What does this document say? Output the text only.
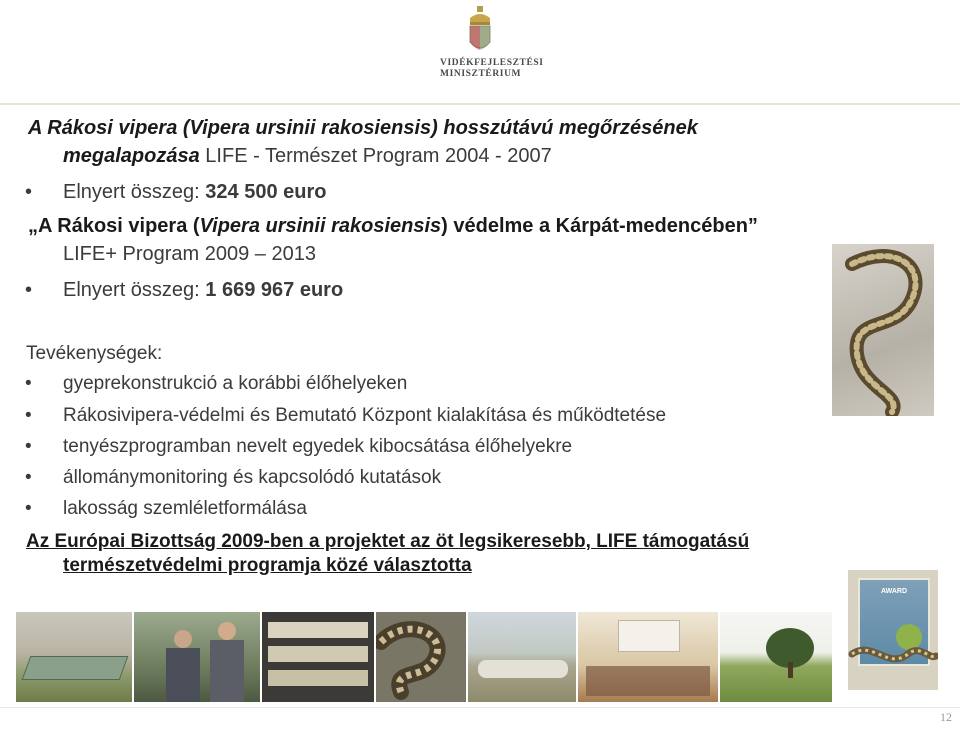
VIDÉKFEJLESZTÉSI
MINISZTÉRIUM
A Rákosi vipera (Vipera ursinii rakosiensis) hosszútávú megőrzésének
megalapozása LIFE - Természet Program 2004 - 2007
• Elnyert összeg: 324 500 euro
„A Rákosi vipera (Vipera ursinii rakosiensis) védelme a Kárpát-medencében”
LIFE+ Program 2009 – 2013
• Elnyert összeg: 1 669 967 euro
Tevékenységek:
• gyeprekonstrukció a korábbi élőhelyeken
• Rákosivipera-védelmi és Bemutató Központ kialakítása és működtetése
• tenyészprogramban nevelt egyedek kibocsátása élőhelyekre
• állománymonitoring és kapcsolódó kutatások
• lakosság szemléletformálása
Az Európai Bizottság 2009-ben a projektet az öt legsikeresebb, LIFE támogatású
természetvédelmi programja közé választotta
AWARD
12
